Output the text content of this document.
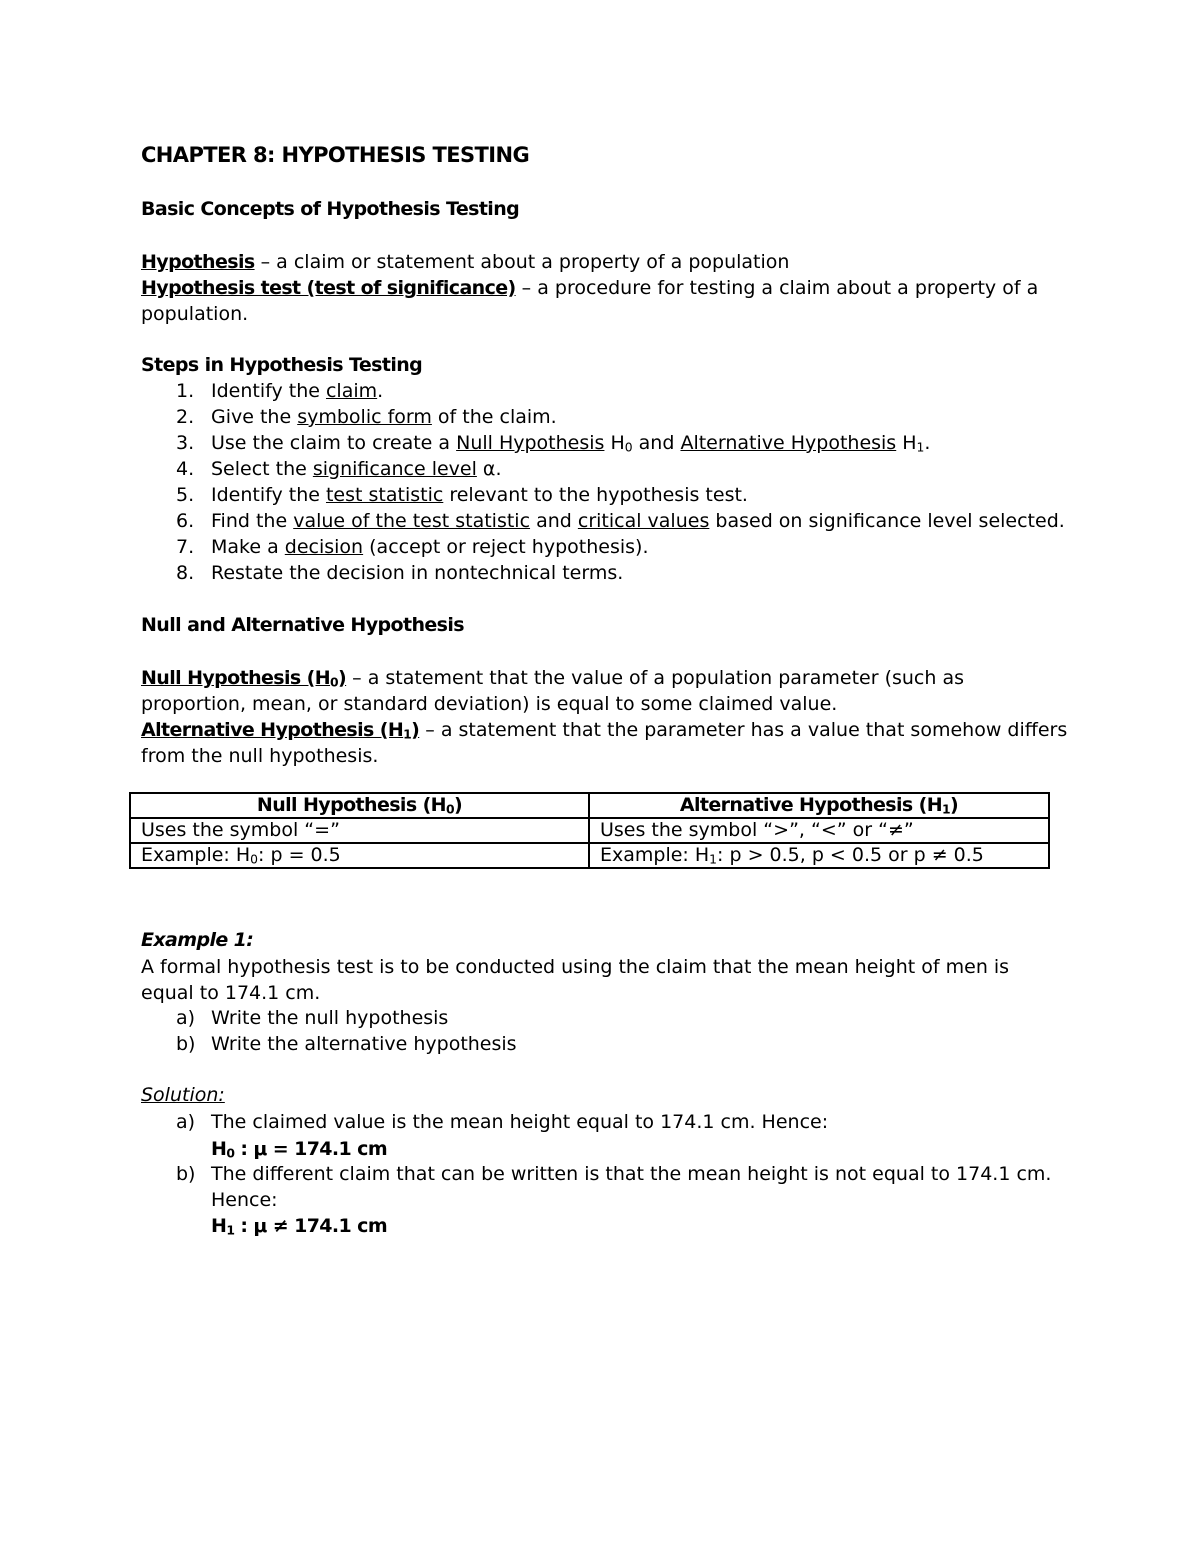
CHAPTER 8: HYPOTHESIS TESTING
Basic Concepts of Hypothesis Testing
Hypothesis – a claim or statement about a property of a population
Hypothesis test (test of significance) – a procedure for testing a claim about a property of a
population.
Steps in Hypothesis Testing
1. Identify the claim.
2. Give the symbolic form of the claim.
3. Use the claim to create a Null Hypothesis $H_0$ and Alternative Hypothesis $H_1$.
4. Select the significance level α.
5. Identify the test statistic relevant to the hypothesis test.
6. Find the value of the test statistic and critical values based on significance level selected.
7. Make a decision (accept or reject hypothesis).
8. Restate the decision in nontechnical terms.
Null and Alternative Hypothesis
Null Hypothesis $(H_0)$ – a statement that the value of a population parameter (such as
proportion, mean, or standard deviation) is equal to some claimed value.
Alternative Hypothesis $(H_1)$ – a statement that the parameter has a value that somehow differs
from the null hypothesis.
Null Hypothesis $(H_0)$	Alternative Hypothesis $(H_1)$
Uses the symbol “=”	Uses the symbol “>”, “<” or “≠”
Example: $H_0$: p = 0.5	Example: $H_1$: p > 0.5, p < 0.5 or p ≠ 0.5
Example 1:
A formal hypothesis test is to be conducted using the claim that the mean height of men is
equal to 174.1 cm.
a) Write the null hypothesis
b) Write the alternative hypothesis
Solution:
a) The claimed value is the mean height equal to 174.1 cm. Hence:
$H_0$ : μ = 174.1 cm
b) The different claim that can be written is that the mean height is not equal to 174.1 cm.
Hence:
$H_1$ : μ ≠ 174.1 cm
